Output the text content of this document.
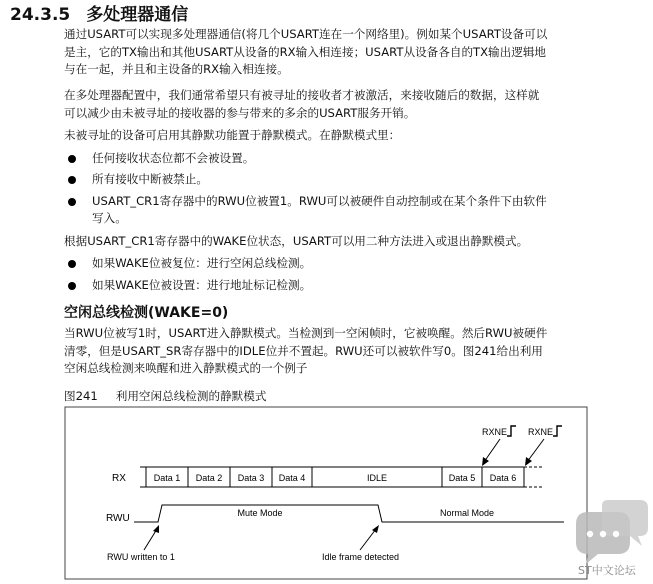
24.3.5 多处理器通信
通过USART可以实现多处理器通信(将几个USART连在一个网络里)。例如某个USART设备可以
是主，它的TX输出和其他USART从设备的RX输入相连接；USART从设备各自的TX输出逻辑地
与在一起，并且和主设备的RX输入相连接。
在多处理器配置中，我们通常希望只有被寻址的接收者才被激活，来接收随后的数据，这样就
可以减少由未被寻址的接收器的参与带来的多余的USART服务开销。
未被寻址的设备可启用其静默功能置于静默模式。在静默模式里：
任何接收状态位都不会被设置。
所有接收中断被禁止。
USART_CR1寄存器中的RWU位被置1。RWU可以被硬件自动控制或在某个条件下由软件
写入。
根据USART_CR1寄存器中的WAKE位状态，USART可以用二种方法进入或退出静默模式。
如果WAKE位被复位：进行空闲总线检测。
如果WAKE位被设置：进行地址标记检测。
空闲总线检测(WAKE=0)
当RWU位被写1时，USART进入静默模式。当检测到一空闲帧时，它被唤醒。然后RWU被硬件
清零，但是USART_SR寄存器中的IDLE位并不置起。RWU还可以被软件写0。图241给出利用
空闲总线检测来唤醒和进入静默模式的一个例子
图241 利用空闲总线检测的静默模式
RX	Data 1 Data 2 Data 3 Data 4	IDLE	Data 5 Data 6
RXNE RXNE
RWU	Mute Mode	Normal Mode
RWU written to 1	Idle frame detected
ST中文论坛
